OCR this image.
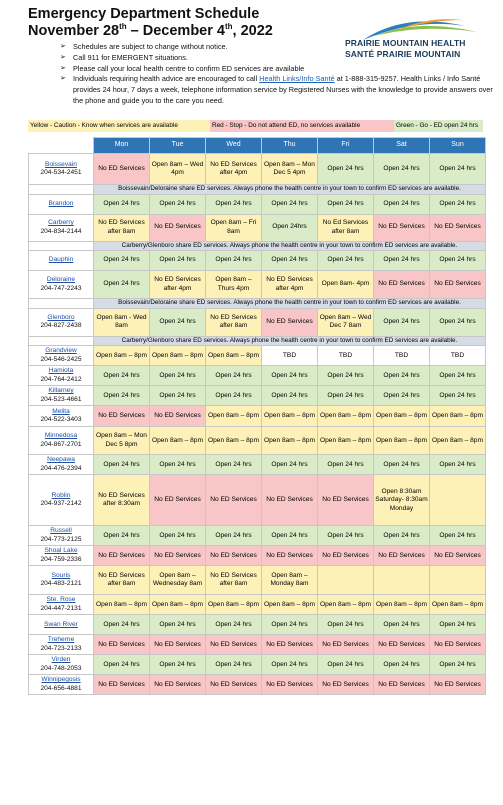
Emergency Department Schedule
November 28th – December 4th, 2022
PRAIRIE MOUNTAIN HEALTH
SANTÉ PRAIRIE MOUNTAIN
➢ Schedules are subject to change without notice.
➢ Call 911 for EMERGENT situations.
➢ Please call your local health centre to confirm ED services are available
➢ Individuals requiring health advice are encouraged to call Health Links/Info Santé at 1-888-315-9257. Health Links / Info Santé provides 24 hour, 7 days a week, telephone information service by Registered Nurses with the knowledge to provide answers over the phone and guide you to the care you need.
Yellow - Caution - Know when services are available	Red - Stop - Do not attend ED, no services available	Green - Go - ED open 24 hrs
	Mon	Tue	Wed	Thu	Fri	Sat	Sun

Boissevain
204-534-2451	No ED Services	Open 8am – Wed 4pm	No ED Services after 4pm	Open 8am – Mon Dec 5 4pm	Open 24 hrs	Open 24 hrs	Open 24 hrs
	Boissevain/Deloraine share ED services. Always phone the health centre in your town to confirm ED services are available.						

Brandon	Open 24 hrs	Open 24 hrs	Open 24 hrs	Open 24 hrs	Open 24 hrs	Open 24 hrs	Open 24 hrs

Carberry
204-834-2144	No ED Services after 8am	No ED Services	Open 8am – Fri 8am	Open 24hrs	No Ed Services after 8am	No ED Services	No ED Services
	Carberry/Glenboro share ED services. Always phone the health centre in your town to confirm ED services are available.						

Dauphin	Open 24 hrs	Open 24 hrs	Open 24 hrs	Open 24 hrs	Open 24 hrs	Open 24 hrs	Open 24 hrs

Deloraine
204-747-2243	Open 24 hrs	No ED Services after 4pm	Open 8am – Thurs 4pm	No ED Services after 4pm	Open 8am- 4pm	No ED Services	No ED Services
	Boissevain/Deloraine share ED services. Always phone the health centre in your town to confirm ED services are available.						

Glenboro
204-827-2438	Open 8am - Wed 8am	Open 24 hrs	No ED Services after 8am	No ED Services	Open 8am – Wed Dec 7 8am	Open 24 hrs	Open 24 hrs
	Carberry/Glenboro share ED services. Always phone the health centre in your town to confirm ED services are available.						

Grandview
204-546-2425	Open 8am – 8pm	Open 8am – 8pm	Open 8am – 8pm	TBD	TBD	TBD	TBD

Hamiota
204-764-2412	Open 24 hrs	Open 24 hrs	Open 24 hrs	Open 24 hrs	Open 24 hrs	Open 24 hrs	Open 24 hrs

Killarney
204-523-4661	Open 24 hrs	Open 24 hrs	Open 24 hrs	Open 24 hrs	Open 24 hrs	Open 24 hrs	Open 24 hrs

Melita
204-522-3403	No ED Services	No ED Services	Open 8am – 8pm	Open 8am – 8pm	Open 8am – 8pm	Open 8am – 8pm	Open 8am – 8pm

Minnedosa
204-867-2701	Open 8am – Mon Dec 5 8pm	Open 8am – 8pm	Open 8am – 8pm	Open 8am – 8pm	Open 8am – 8pm	Open 8am – 8pm	Open 8am – 8pm

Neepawa
204-476-2394	Open 24 hrs	Open 24 hrs	Open 24 hrs	Open 24 hrs	Open 24 hrs	Open 24 hrs	Open 24 hrs

Roblin
204-937-2142	No ED Services after 8:30am	No ED Services	No ED Services	No ED Services	No ED Services	Open 8:30am Saturday- 8:30am Monday	

Russell
204-773-2125	Open 24 hrs	Open 24 hrs	Open 24 hrs	Open 24 hrs	Open 24 hrs	Open 24 hrs	Open 24 hrs

Shoal Lake
204-759-2336	No ED Services	No ED Services	No ED Services	No ED Services	No ED Services	No ED Services	No ED Services

Souris
204-483-2121	No ED Services after 8am	Open 8am – Wednesday 8am	No ED Services after 8am	Open 8am – Monday 8am			

Ste. Rose
204-447-2131	Open 8am – 8pm	Open 8am – 8pm	Open 8am – 8pm	Open 8am – 8pm	Open 8am – 8pm	Open 8am – 8pm	Open 8am – 8pm

Swan River	Open 24 hrs	Open 24 hrs	Open 24 hrs	Open 24 hrs	Open 24 hrs	Open 24 hrs	Open 24 hrs

Treherne
204-723-2133	No ED Services	No ED Services	No ED Services	No ED Services	No ED Services	No ED Services	No ED Services

Virden
204-748-2053	Open 24 hrs	Open 24 hrs	Open 24 hrs	Open 24 hrs	Open 24 hrs	Open 24 hrs	Open 24 hrs

Winnipegosis
204-656-4881	No ED Services	No ED Services	No ED Services	No ED Services	No ED Services	No ED Services	No ED Services
